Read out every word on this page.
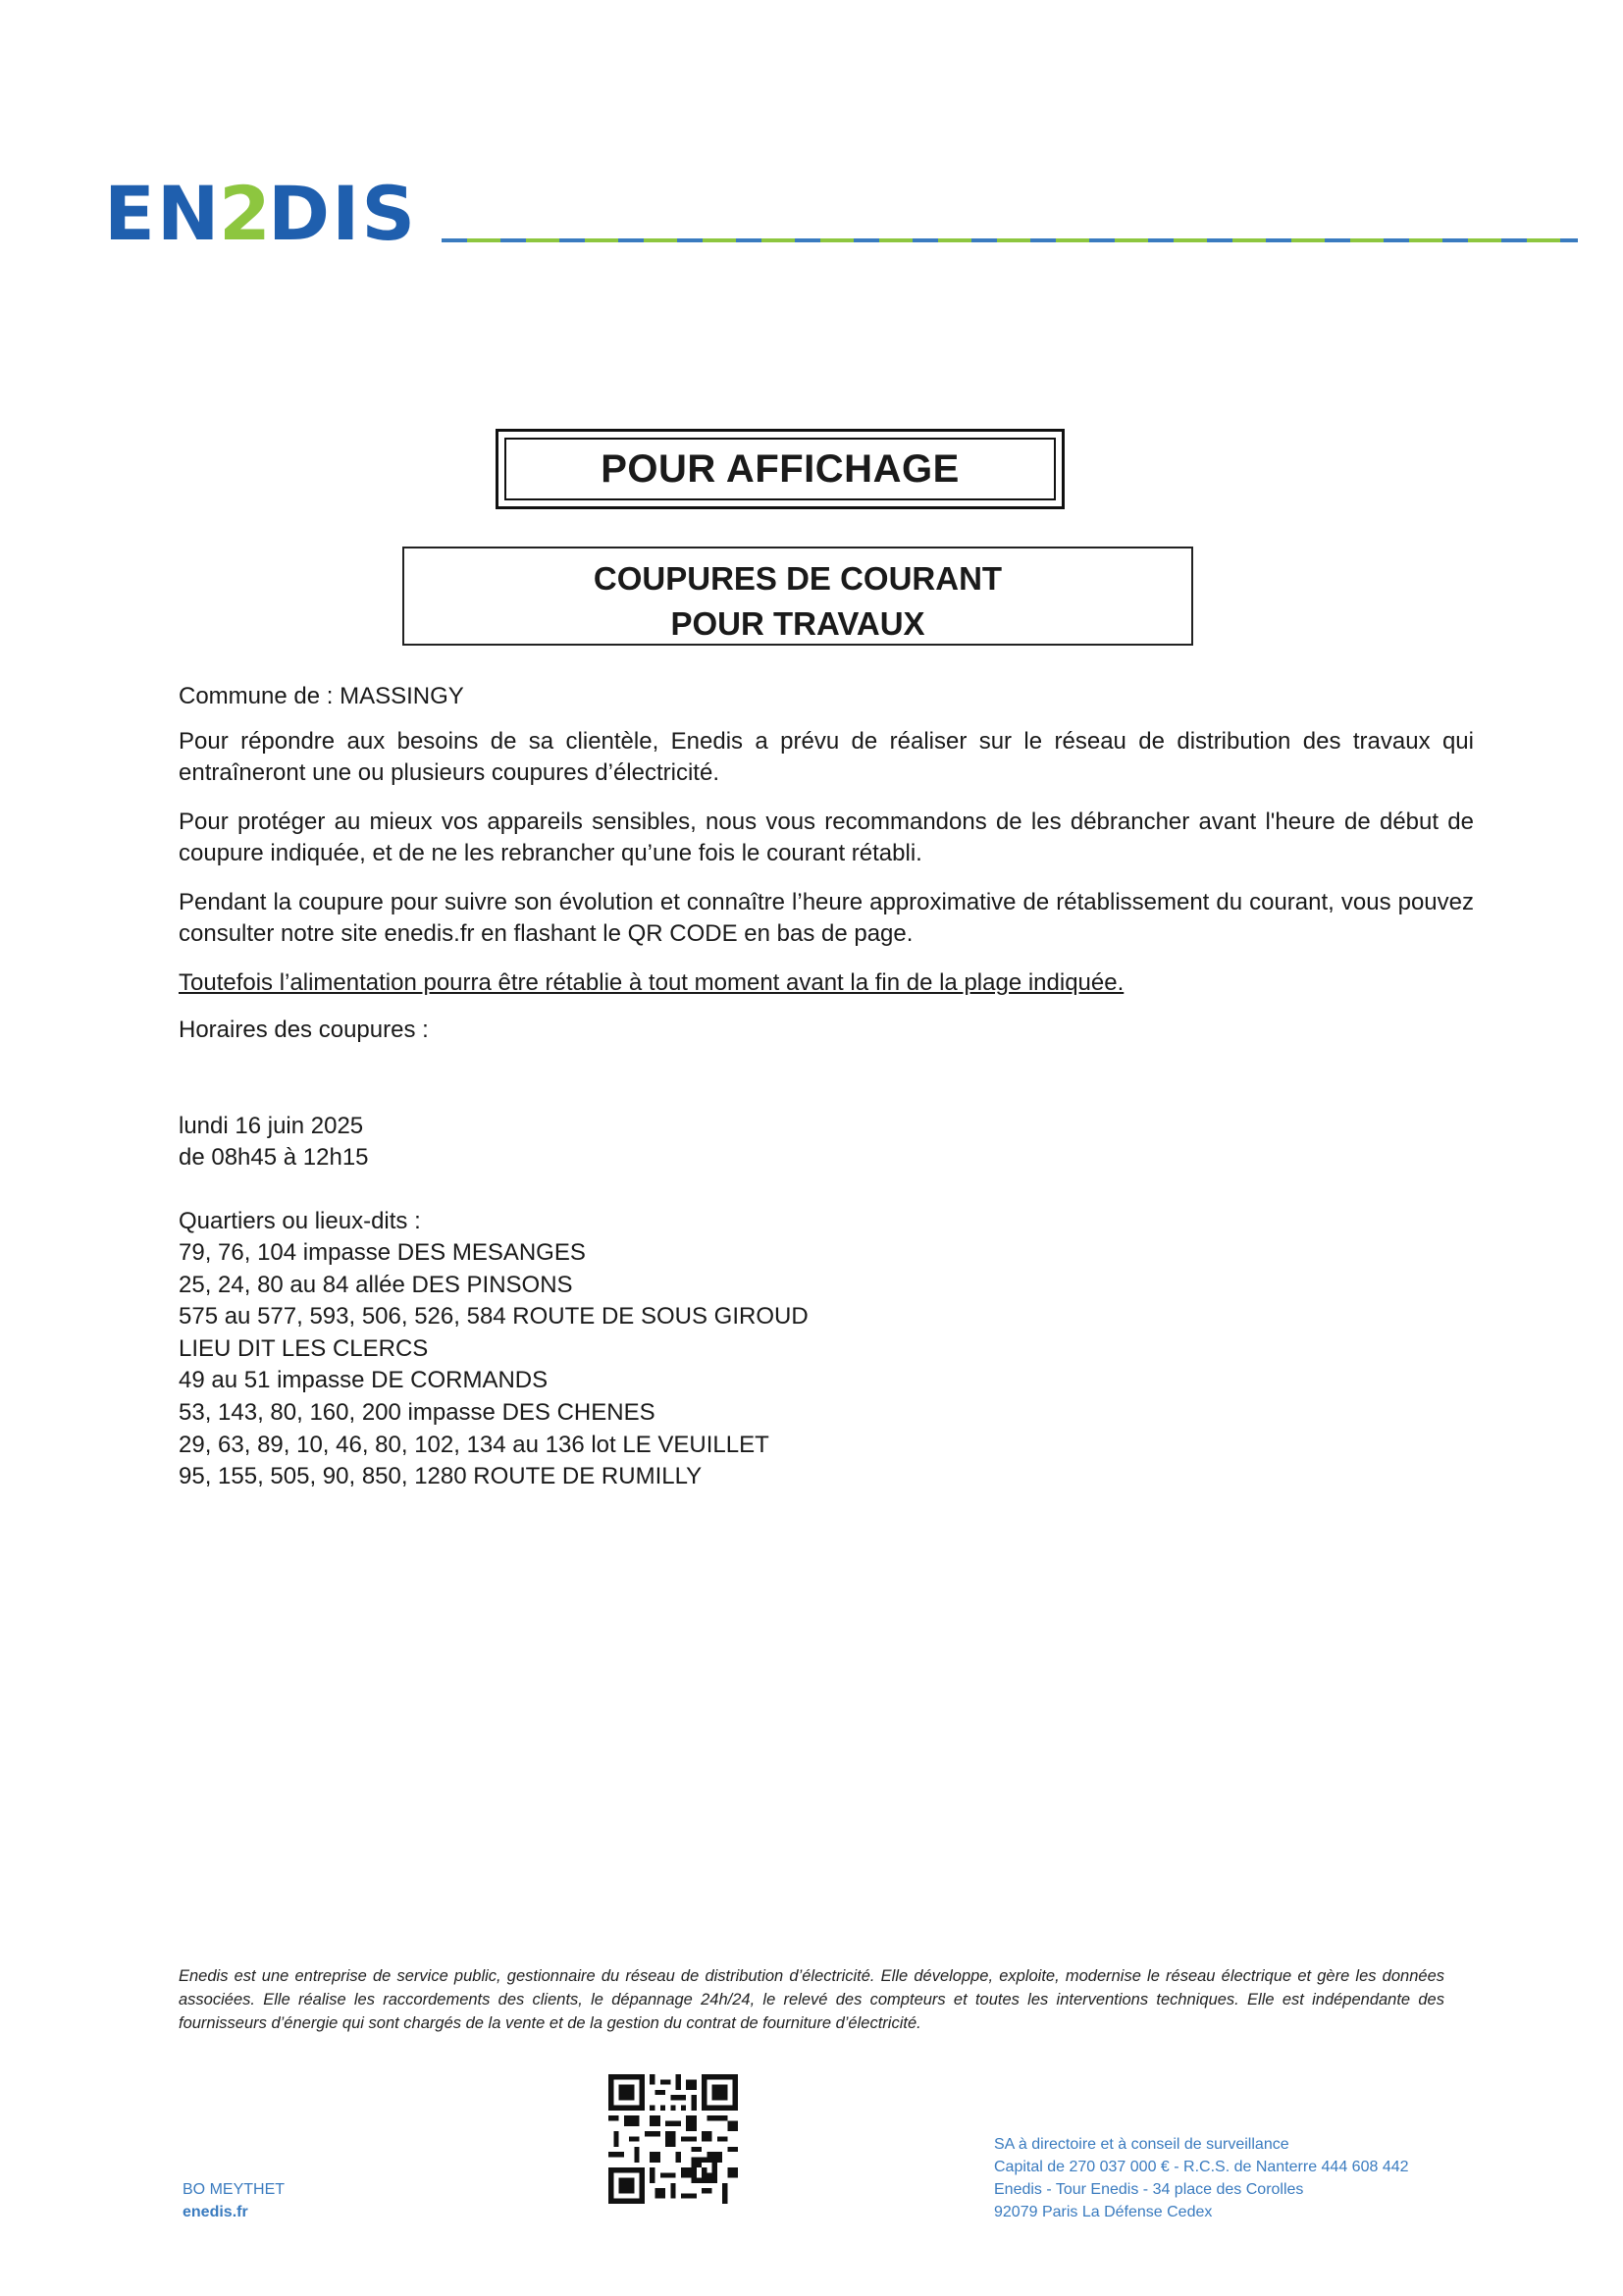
EN
2
DIS
POUR AFFICHAGE
COUPURES DE COURANT
POUR TRAVAUX
Commune de : MASSINGY
Pour répondre aux besoins de sa clientèle, Enedis a prévu de réaliser sur le réseau de distribution des travaux qui entraîneront une ou plusieurs coupures d’électricité.
Pour protéger au mieux vos appareils sensibles, nous vous recommandons de les débrancher avant l'heure de début de coupure indiquée, et de ne les rebrancher qu’une fois le courant rétabli.
Pendant la coupure pour suivre son évolution et connaître l’heure approximative de rétablissement du courant, vous pouvez consulter notre site enedis.fr en flashant le QR CODE en bas de page.
Toutefois l’alimentation pourra être rétablie à tout moment avant la fin de la plage indiquée.
Horaires des coupures :
lundi 16 juin 2025
de 08h45 à 12h15
Quartiers ou lieux-dits :
79, 76, 104 impasse DES MESANGES
25, 24, 80 au 84 allée DES PINSONS
575 au 577, 593, 506, 526, 584 ROUTE DE SOUS GIROUD
LIEU DIT LES CLERCS
49 au 51 impasse DE CORMANDS
53, 143, 80, 160, 200 impasse DES CHENES
29, 63, 89, 10, 46, 80, 102, 134 au 136 lot LE VEUILLET
95, 155, 505, 90, 850, 1280 ROUTE DE RUMILLY
Enedis est une entreprise de service public, gestionnaire du réseau de distribution d’électricité. Elle développe, exploite, modernise le réseau électrique et gère les données associées. Elle réalise les raccordements des clients, le dépannage 24h/24, le relevé des compteurs et toutes les interventions techniques. Elle est indépendante des fournisseurs d’énergie qui sont chargés de la vente et de la gestion du contrat de fourniture d’électricité.
BO MEYTHET
enedis.fr
SA à directoire et à conseil de surveillance
Capital de 270 037 000 € - R.C.S. de Nanterre 444 608 442
Enedis - Tour Enedis - 34 place des Corolles
92079 Paris La Défense Cedex
